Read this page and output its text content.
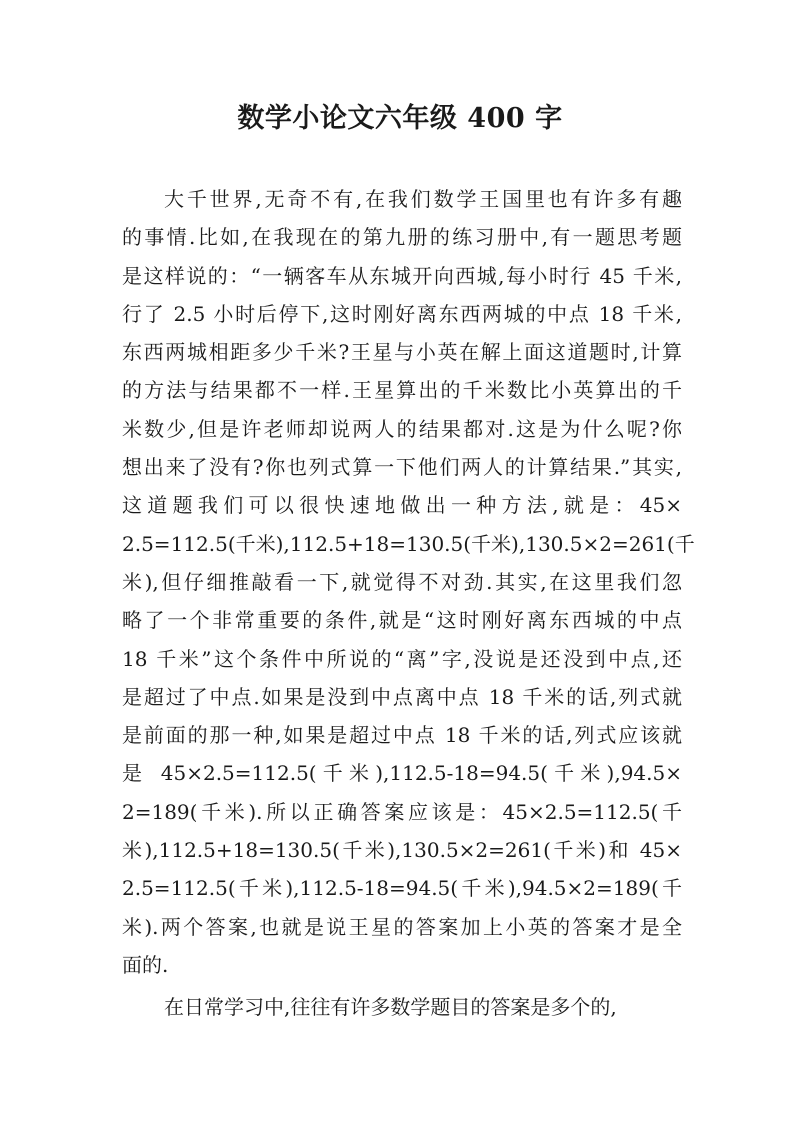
数学小论文六年级 400 字
大千世界,无奇不有,在我们数学王国里也有许多有趣
的事情.比如,在我现在的第九册的练习册中,有一题思考题
是这样说的：“一辆客车从东城开向西城,每小时行 45 千米,
行了 2.5 小时后停下,这时刚好离东西两城的中点 18 千米,
东西两城相距多少千米?王星与小英在解上面这道题时,计算
的方法与结果都不一样.王星算出的千米数比小英算出的千
米数少,但是许老师却说两人的结果都对.这是为什么呢?你
想出来了没有?你也列式算一下他们两人的计算结果.”其实,
这道题我们可以很快速地做出一种方法,就是：45×
2.5=112.5(千米),112.5+18=130.5(千米),130.5×2=261(千
米),但仔细推敲看一下,就觉得不对劲.其实,在这里我们忽
略了一个非常重要的条件,就是“这时刚好离东西城的中点
18 千米”这个条件中所说的“离”字,没说是还没到中点,还
是超过了中点.如果是没到中点离中点 18 千米的话,列式就
是前面的那一种,如果是超过中点 18 千米的话,列式应该就
是 45×2.5=112.5(千米),112.5-18=94.5(千米),94.5×
2=189(千米).所以正确答案应该是：45×2.5=112.5(千
米),112.5+18=130.5(千米),130.5×2=261(千米)和 45×
2.5=112.5(千米),112.5-18=94.5(千米),94.5×2=189(千
米).两个答案,也就是说王星的答案加上小英的答案才是全
面的.
在日常学习中,往往有许多数学题目的答案是多个的,
